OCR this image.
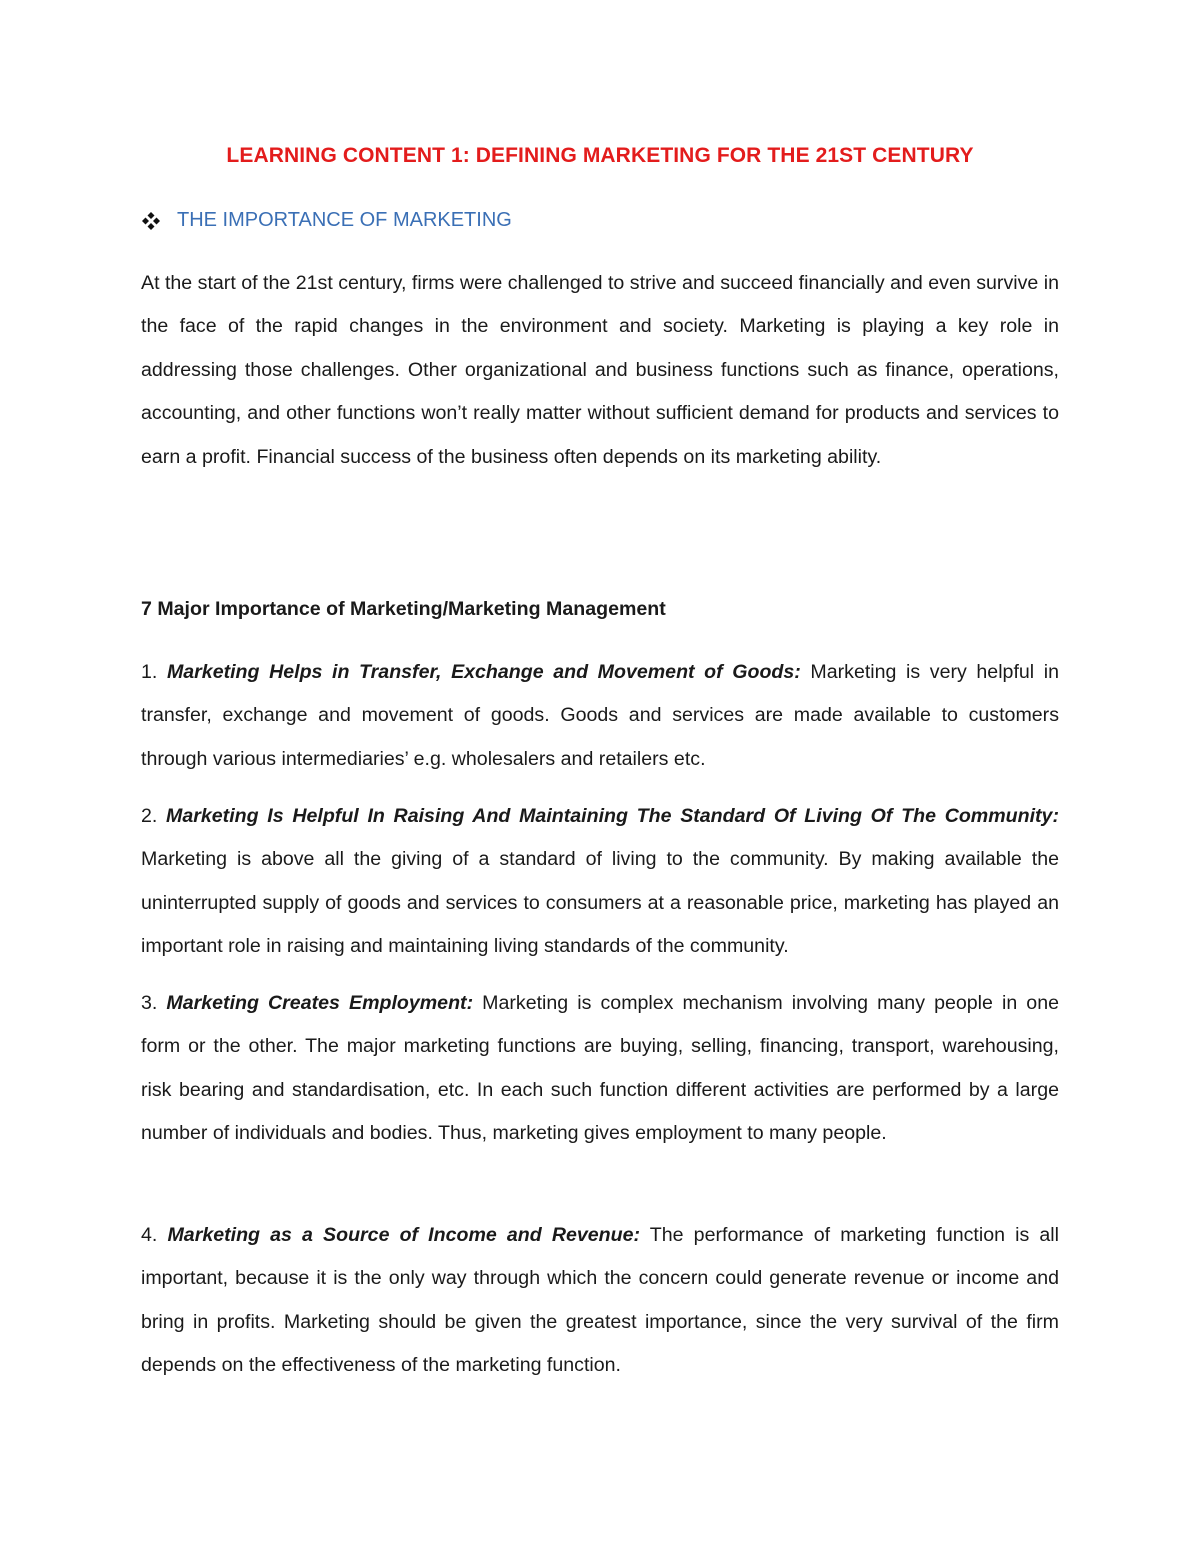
LEARNING CONTENT 1: DEFINING MARKETING FOR THE 21ST CENTURY
THE IMPORTANCE OF MARKETING

At the start of the 21st century, firms were challenged to strive and succeed financially and even survive in the face of the rapid changes in the environment and society. Marketing is playing a key role in addressing those challenges. Other organizational and business functions such as finance, operations, accounting, and other functions won’t really matter without sufficient demand for products and services to earn a profit. Financial success of the business often depends on its marketing ability.

7 Major Importance of Marketing/Marketing Management

1. Marketing Helps in Transfer, Exchange and Movement of Goods: Marketing is very helpful in transfer, exchange and movement of goods. Goods and services are made available to customers through various intermediaries’ e.g. wholesalers and retailers etc.

2. Marketing Is Helpful In Raising And Maintaining The Standard Of Living Of The Community: Marketing is above all the giving of a standard of living to the community. By making available the uninterrupted supply of goods and services to consumers at a reasonable price, marketing has played an important role in raising and maintaining living standards of the community.

3. Marketing Creates Employment: Marketing is complex mechanism involving many people in one form or the other. The major marketing functions are buying, selling, financing, transport, warehousing, risk bearing and standardisation, etc. In each such function different activities are performed by a large number of individuals and bodies. Thus, marketing gives employment to many people.

4. Marketing as a Source of Income and Revenue: The performance of marketing function is all important, because it is the only way through which the concern could generate revenue or income and bring in profits. Marketing should be given the greatest importance, since the very survival of the firm depends on the effectiveness of the marketing function.
